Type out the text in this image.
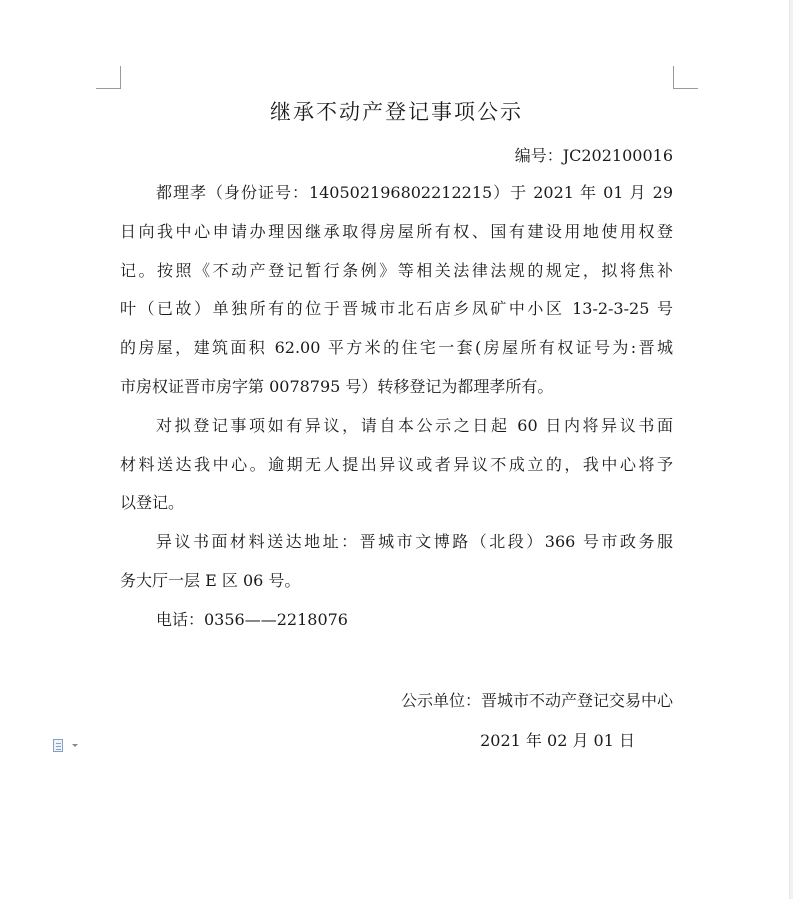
继承不动产登记事项公示
编号：JC202100016
都理孝（身份证号：140502196802212215）于 2021 年 01 月 29
日向我中心申请办理因继承取得房屋所有权、国有建设用地使用权登
记。按照《不动产登记暂行条例》等相关法律法规的规定，拟将焦补
叶（已故）单独所有的位于晋城市北石店乡凤矿中小区 13-2-3-25 号
的房屋，建筑面积 62.00 平方米的住宅一套(房屋所有权证号为:晋城
市房权证晋市房字第 0078795 号）转移登记为都理孝所有。
对拟登记事项如有异议，请自本公示之日起 60 日内将异议书面
材料送达我中心。逾期无人提出异议或者异议不成立的，我中心将予
以登记。
异议书面材料送达地址：晋城市文博路（北段）366 号市政务服
务大厅一层 E 区 06 号。
电话：0356——2218076
公示单位：晋城市不动产登记交易中心
2021 年 02 月 01 日
